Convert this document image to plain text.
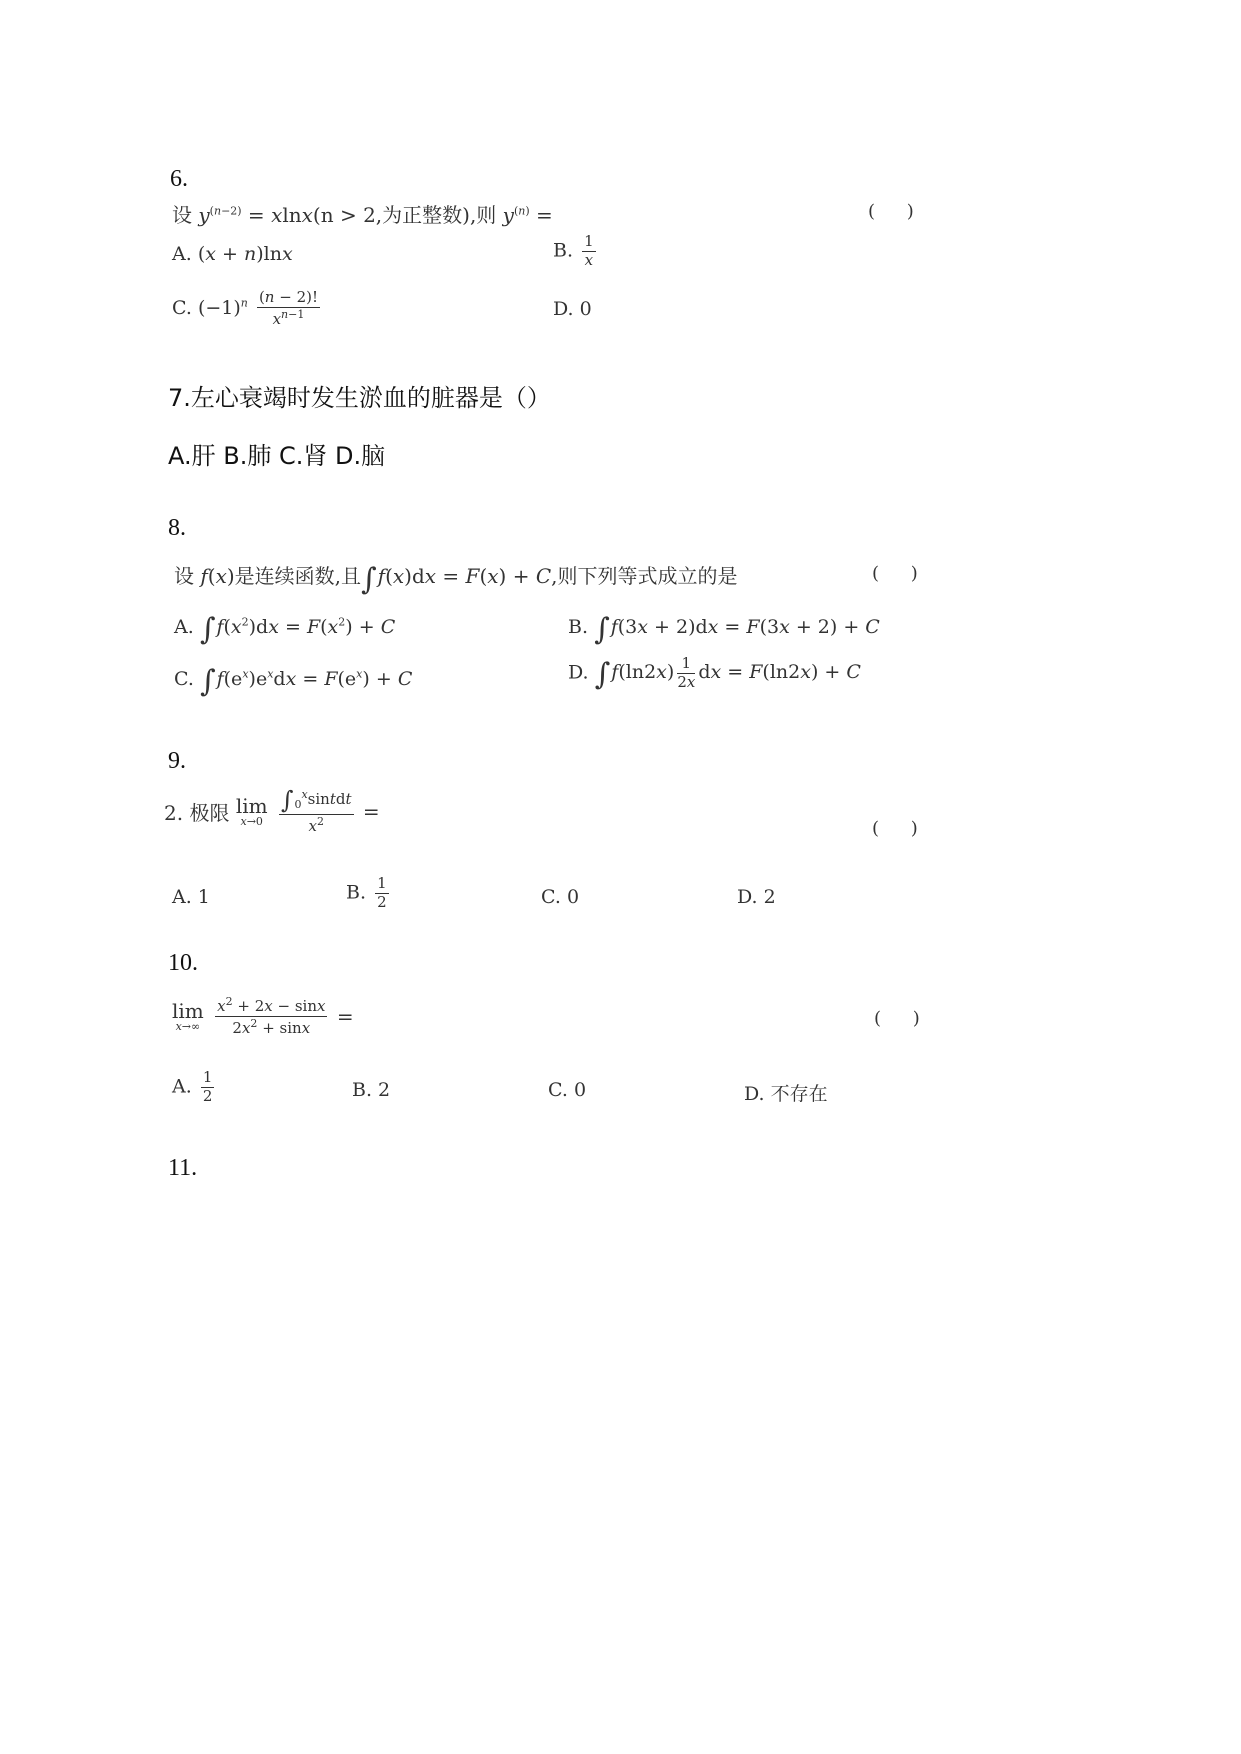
6.
设 $y^{(n-2)} = xlnx(n > 2$,为正整数),则 $y^{(n)}$ =	( )
A. (x + n)lnx	B. $\frac{1}{x}$
C. $(-1)^n \frac{(n - 2)!}{x^{n-1}}$	D. 0
7.左心衰竭时发生淤血的脏器是（）
A.肝 B.肺 C.肾 D.脑
8.
设 f(x)是连续函数,且∫f(x)dx = F(x) + C,则下列等式成立的是	( )
A. $\int f(x^2)dx = F(x^2) + C$	B. ∫f(3x + 2)dx = F(3x + 2) + C
C. $\int f(e^x)e^xdx = F(e^x) + C$	D. $\int f(\ln 2x) \frac{1}{2x}$ dx = F(ln2x) + C
9.
2. 极限 lim
x→0
$\frac{\int_0^xsintdt}{x^2}$ =
( )
A. 1	B. $\frac{1}{2}$	C. 0	D. 2
10.
lim
x→∞
$\frac{x^2 + 2x - \sin x}{2x^2 + \sin x}$ =	( )
A. $\frac{1}{2}$	B. 2	C. 0	D. 不存在
11.
